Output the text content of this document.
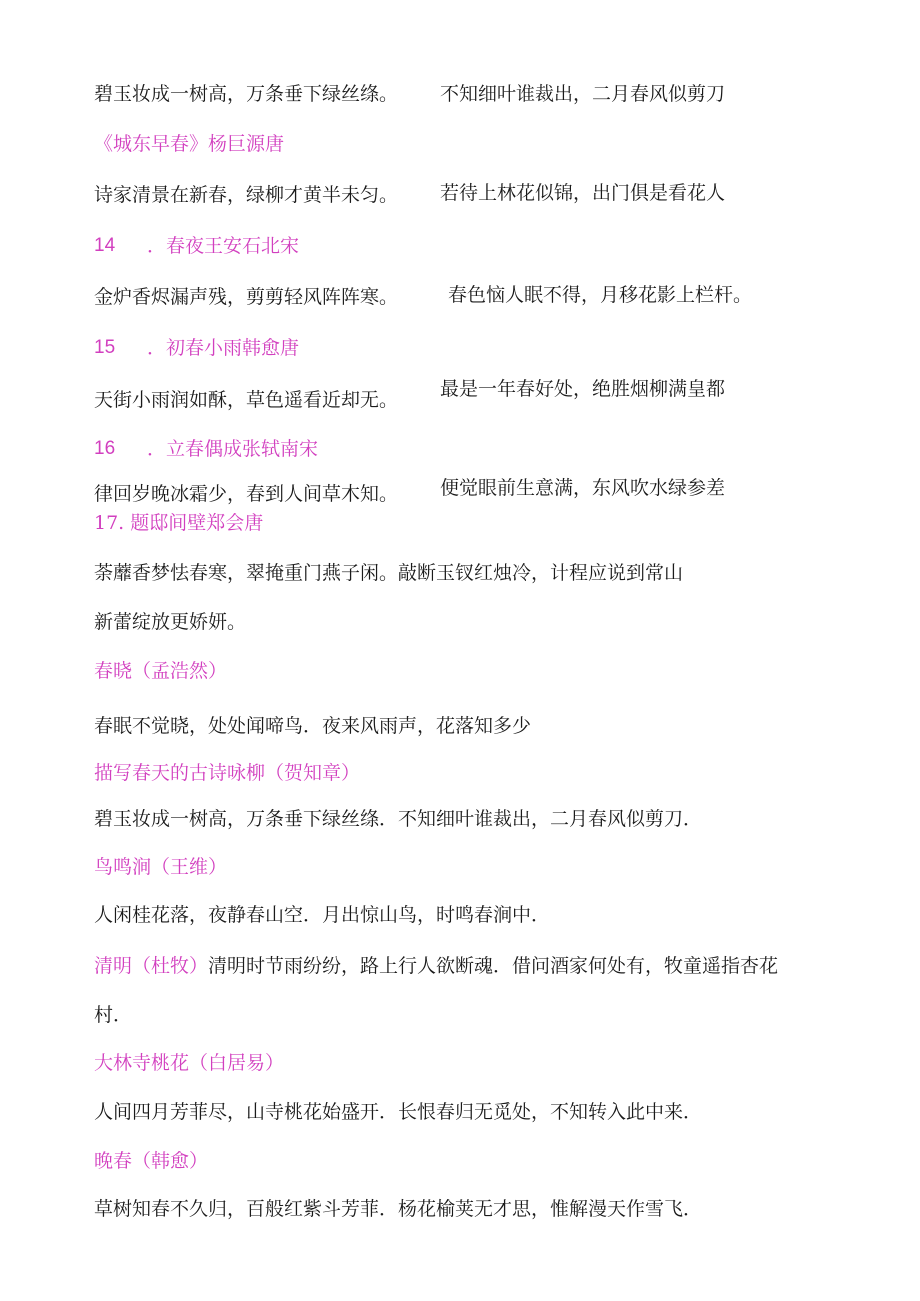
碧玉妆成一树高，万条垂下绿丝绦。 不知细叶谁裁出，二月春风似剪刀
《城东早春》杨巨源唐
诗家清景在新春，绿柳才黄半未匀。 若待上林花似锦，出门俱是看花人
14 ．春夜王安石北宋
金炉香烬漏声残，剪剪轻风阵阵寒。	春色恼人眠不得，月移花影上栏杆。
15 ．初春小雨韩愈唐
天街小雨润如酥，草色遥看近却无。 最是一年春好处，绝胜烟柳满皇都
16 ．立春偶成张轼南宋
律回岁晚冰霜少，春到人间草木知。 便觉眼前生意满，东风吹水绿参差
17. 题邸间壁郑会唐
荼蘼香梦怯春寒，翠掩重门燕子闲。敲断玉钗红烛冷，计程应说到常山
新蕾绽放更娇妍。
春晓（孟浩然）
春眠不觉晓，处处闻啼鸟．夜来风雨声，花落知多少
描写春天的古诗咏柳（贺知章）
碧玉妆成一树高，万条垂下绿丝绦．不知细叶谁裁出，二月春风似剪刀．
鸟鸣涧（王维）
人闲桂花落，夜静春山空．月出惊山鸟，时鸣春涧中．
清明（杜牧）清明时节雨纷纷，路上行人欲断魂．借问酒家何处有，牧童遥指杏花
村．
大林寺桃花（白居易）
人间四月芳菲尽，山寺桃花始盛开．长恨春归无觅处，不知转入此中来．
晚春（韩愈）
草树知春不久归，百般红紫斗芳菲．杨花榆荚无才思，惟解漫天作雪飞．
